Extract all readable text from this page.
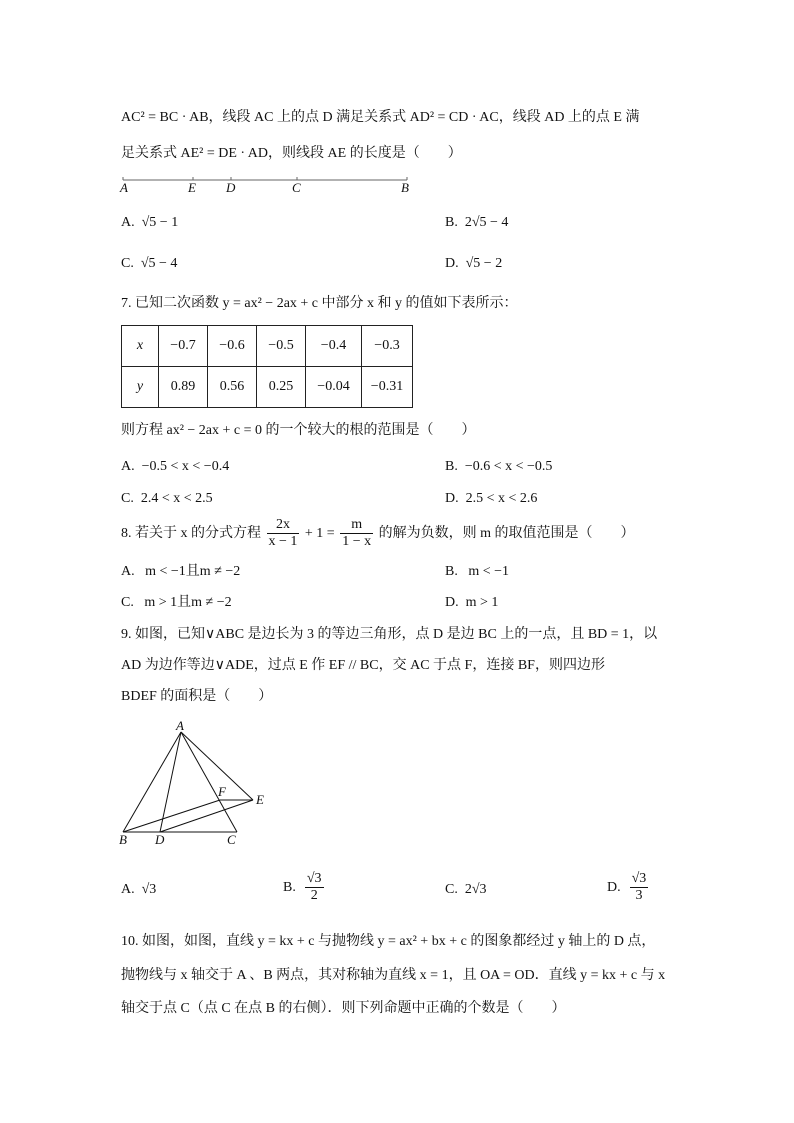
AC² = BC · AB，线段 AC 上的点 D 满足关系式 AD² = CD · AC，线段 AD 上的点 E 满
足关系式 AE² = DE · AD，则线段 AE 的长度是（　　）
A	E D	C	B
A. √5 − 1	B. 2√5 − 4
C. √5 − 4	D. √5 − 2
7. 已知二次函数 y = ax² − 2ax + c 中部分 x 和 y 的值如下表所示：
x	−0.7	−0.6	−0.5	−0.4	−0.3
y	0.89	0.56	0.25	−0.04	−0.31
则方程 ax² − 2ax + c = 0 的一个较大的根的范围是（　　）
A. −0.5 < x < −0.4	B. −0.6 < x < −0.5
C. 2.4 < x < 2.5	D. 2.5 < x < 2.6
8. 若关于 x 的分式方程 $\frac{2x}{x - 1} + 1 = \frac{m}{1 - x}$ 的解为负数，则 m 的取值范围是（　　）
A. m < −1且m ≠ −2	B. m < −1
C. m > 1且m ≠ −2	D. m > 1
9. 如图，已知∨ABC 是边长为 3 的等边三角形，点 D 是边 BC 上的一点，且 BD = 1，以
AD 为边作等边∨ADE，过点 E 作 EF // BC，交 AC 于点 F，连接 BF，则四边形
BDEF 的面积是（　　）
A
F
E
B D	C
A. √3	B. $\frac{√3}{2}$	C. 2√3	D. $\frac{√3}{3}$
10. 如图，如图，直线 y = kx + c 与抛物线 y = ax² + bx + c 的图象都经过 y 轴上的 D 点，
抛物线与 x 轴交于 A 、B 两点，其对称轴为直线 x = 1，且 OA = OD．直线 y = kx + c 与 x
轴交于点 C（点 C 在点 B 的右侧）．则下列命题中正确的个数是（　　）
